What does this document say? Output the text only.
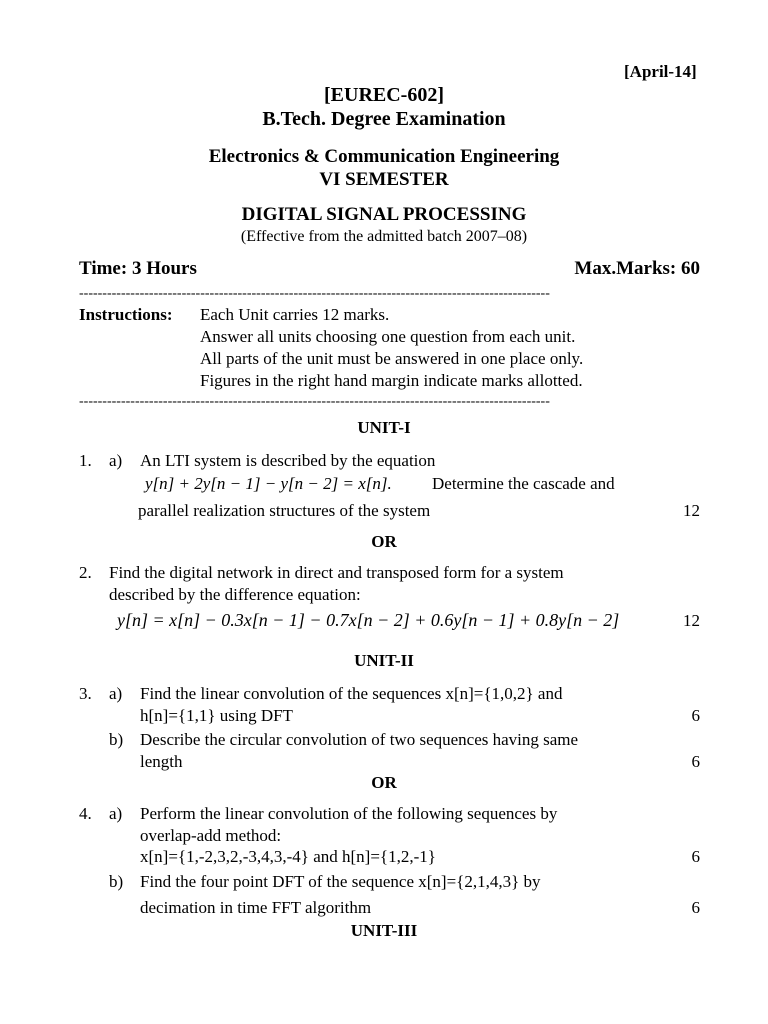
[April-14]
[EUREC-602]
B.Tech. Degree Examination
Electronics & Communication Engineering
VI SEMESTER
DIGITAL SIGNAL PROCESSING
(Effective from the admitted batch 2007–08)
Time: 3 Hours	Max.Marks: 60
-----------------------------------------------------------------------------------------------------
Instructions: Each Unit carries 12 marks.
Answer all units choosing one question from each unit.
All parts of the unit must be answered in one place only.
Figures in the right hand margin indicate marks allotted.
-----------------------------------------------------------------------------------------------------
UNIT-I
1. a) An LTI system is described by the equation
y[n] + 2y[n − 1] − y[n − 2] = x[n]. Determine the cascade and
parallel realization structures of the system	12
OR
2. Find the digital network in direct and transposed form for a system
described by the difference equation:
y[n] = x[n] − 0.3x[n − 1] − 0.7x[n − 2] + 0.6y[n − 1] + 0.8y[n − 2]	12
UNIT-II
3. a) Find the linear convolution of the sequences x[n]={1,0,2} and
h[n]={1,1} using DFT	6
b) Describe the circular convolution of two sequences having same
length	6
OR
4. a) Perform the linear convolution of the following sequences by
overlap-add method:
x[n]={1,-2,3,2,-3,4,3,-4} and h[n]={1,2,-1}	6
b) Find the four point DFT of the sequence x[n]={2,1,4,3} by
decimation in time FFT algorithm	6
UNIT-III
